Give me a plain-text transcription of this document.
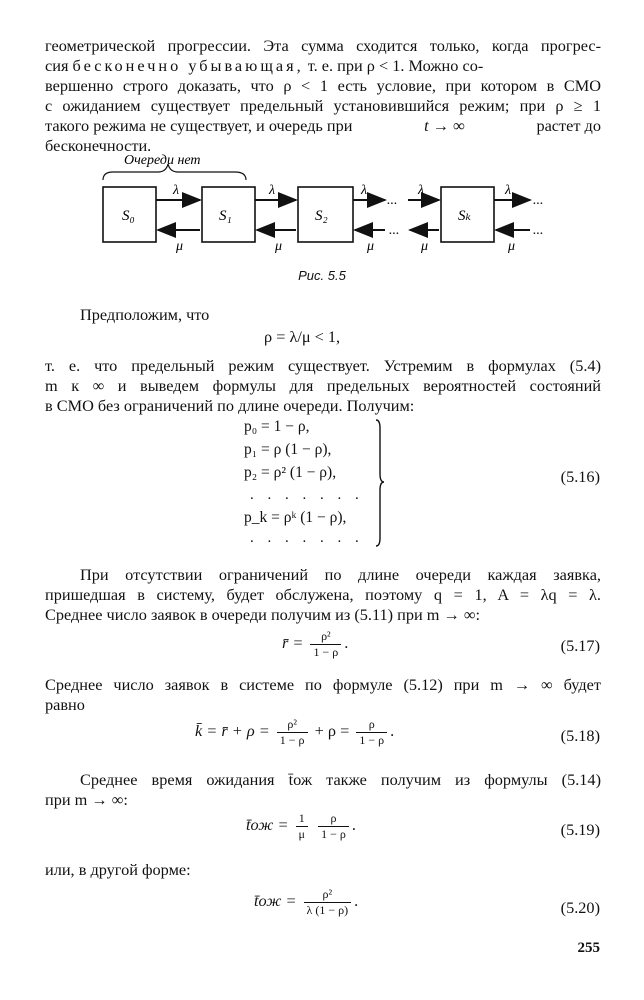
геометрической прогрессии. Эта сумма сходится только, когда прогрес-
сия бесконечно убывающая, т. е. при ρ < 1. Можно со-
вершенно строго доказать, что ρ < 1 есть условие, при котором в СМО
с ожиданием существует предельный установившийся режим; при ρ ≥ 1
такого режима не существует, и очередь при	t → ∞	растет до
бесконечности.
Очереди нет
S₀	S₁	S₂	Sₖ
λ	λ	λ	λ	λ
μ	μ	μ	μ	μ
...
...
...
...
Рис. 5.5
Предположим, что
ρ = λ/μ < 1,
т. е. что предельный режим существует. Устремим в формулах (5.4)
m к ∞ и выведем формулы для предельных вероятностей состояний
в СМО без ограничений по длине очереди. Получим:
p₀ = 1 − ρ,
p₁ = ρ (1 − ρ),
p₂ = ρ² (1 − ρ),
. . . . . . .
p_k = ρᵏ (1 − ρ),
. . . . . . .
(5.16)
При отсутствии ограничений по длине очереди каждая заявка,
пришедшая в систему, будет обслужена, поэтому q = 1, A = λq = λ.
Среднее число заявок в очереди получим из (5.11) при m → ∞:
r̄ = $\frac{\text{ρ²}}{1 - \rho}$ .	(5.17)
Среднее число заявок в системе по формуле (5.12) при m → ∞ будет
равно
k̄ = r̄ + $\rho = \frac{\text{ρ²}}{1 - \rho} + \rho = \frac{\rho}{1 - \rho}$ .	(5.18)
Среднее время ожидания t̄ож также получим из формулы (5.14)
при m → ∞:
t̄ож = $\frac{1}{\mu}$
$\frac{\rho}{1 - \rho}$ .	(5.19)
или, в другой форме:
t̄ож = $\frac{\text{ρ²}}{\lambda (1 - \rho)}$ .	(5.20)
255
